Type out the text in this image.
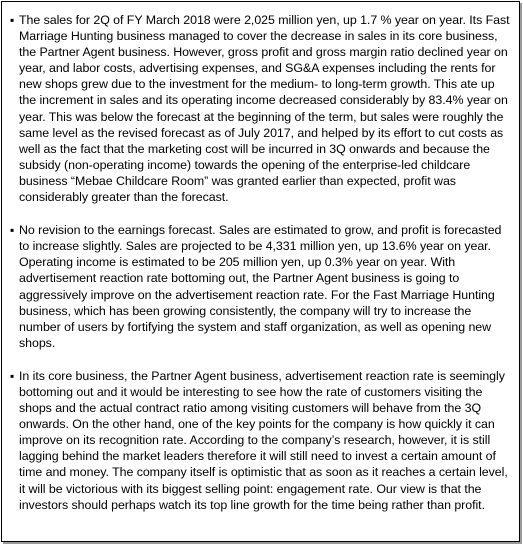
▪ The sales for 2Q of FY March 2018 were 2,025 million yen, up 1.7 % year on year. Its Fast Marriage Hunting business managed to cover the decrease in sales in its core business, the Partner Agent business. However, gross profit and gross margin ratio declined year on year, and labor costs, advertising expenses, and SG&A expenses including the rents for new shops grew due to the investment for the medium- to long-term growth. This ate up the increment in sales and its operating income decreased considerably by 83.4% year on year. This was below the forecast at the beginning of the term, but sales were roughly the same level as the revised forecast as of July 2017, and helped by its effort to cut costs as well as the fact that the marketing cost will be incurred in 3Q onwards and because the subsidy (non-operating income) towards the opening of the enterprise-led childcare business “Mebae Childcare Room” was granted earlier than expected, profit was considerably greater than the forecast.
▪ No revision to the earnings forecast. Sales are estimated to grow, and profit is forecasted to increase slightly. Sales are projected to be 4,331 million yen, up 13.6% year on year. Operating income is estimated to be 205 million yen, up 0.3% year on year. With advertisement reaction rate bottoming out, the Partner Agent business is going to aggressively improve on the advertisement reaction rate. For the Fast Marriage Hunting business, which has been growing consistently, the company will try to increase the number of users by fortifying the system and staff organization, as well as opening new shops.
▪ In its core business, the Partner Agent business, advertisement reaction rate is seemingly bottoming out and it would be interesting to see how the rate of customers visiting the shops and the actual contract ratio among visiting customers will behave from the 3Q onwards. On the other hand, one of the key points for the company is how quickly it can improve on its recognition rate. According to the company’s research, however, it is still lagging behind the market leaders therefore it will still need to invest a certain amount of time and money. The company itself is optimistic that as soon as it reaches a certain level, it will be victorious with its biggest selling point: engagement rate. Our view is that the investors should perhaps watch its top line growth for the time being rather than profit.
